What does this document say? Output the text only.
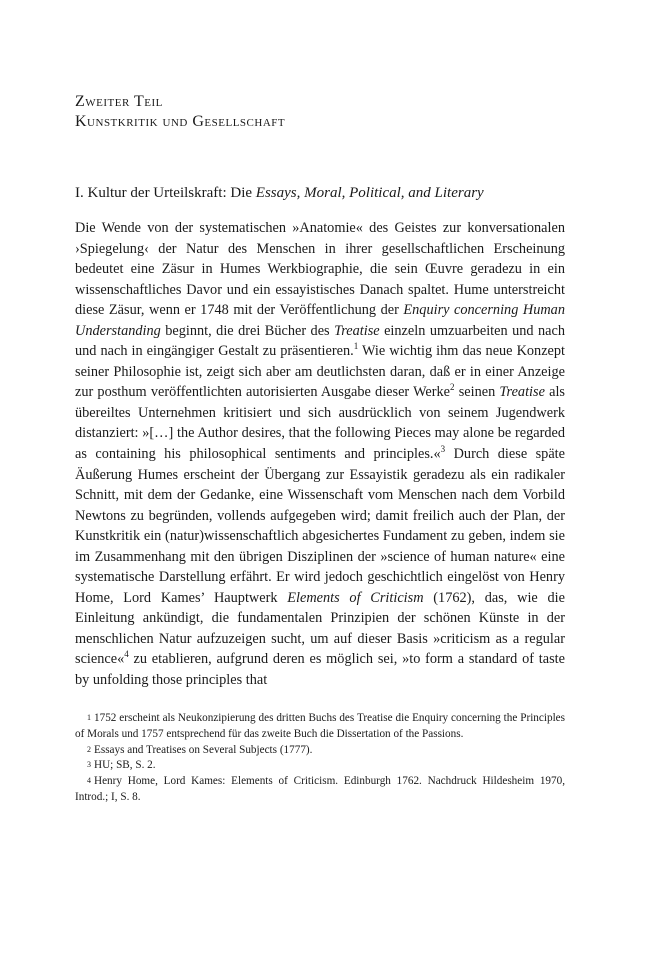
Zweiter Teil
Kunstkritik und Gesellschaft
I. Kultur der Urteilskraft: Die Essays, Moral, Political, and Literary

Die Wende von der systematischen »Anatomie« des Geistes zur konversationalen ›Spiegelung‹ der Natur des Menschen in ihrer gesellschaftlichen Erscheinung bedeutet eine Zäsur in Humes Werkbiographie, die sein Œuvre geradezu in ein wissenschaftliches Davor und ein essayistisches Danach spaltet. Hume unterstreicht diese Zäsur, wenn er 1748 mit der Veröffentlichung der Enquiry concerning Human Understanding beginnt, die drei Bücher des Treatise einzeln umzuarbeiten und nach und nach in eingängiger Gestalt zu präsentieren.$^1$ Wie wichtig ihm das neue Konzept seiner Philosophie ist, zeigt sich aber am deutlichsten daran, daß er in einer Anzeige zur posthum veröffentlichten autorisierten Ausgabe dieser Werke$^2$ seinen Treatise als übereiltes Unternehmen kritisiert und sich ausdrücklich von seinem Jugendwerk distanziert: »[…] the Author desires, that the following Pieces may alone be regarded as containing his philosophical sentiments and principles.«$^3$ Durch diese späte Äußerung Humes erscheint der Übergang zur Essayistik geradezu als ein radikaler Schnitt, mit dem der Gedanke, eine Wissenschaft vom Menschen nach dem Vorbild Newtons zu begründen, vollends aufgegeben wird; damit freilich auch der Plan, der Kunstkritik ein (natur)wissenschaftlich abgesichertes Fundament zu geben, indem sie im Zusammenhang mit den übrigen Disziplinen der »science of human nature« eine systematische Darstellung erfährt. Er wird jedoch geschichtlich eingelöst von Henry Home, Lord Kames’ Hauptwerk Elements of Criticism (1762), das, wie die Einleitung ankündigt, die fundamentalen Prinzipien der schönen Künste in der menschlichen Natur aufzuzeigen sucht, um auf dieser Basis »criticism as a regular science«$^4$ zu etablieren, aufgrund deren es möglich sei, »to form a standard of taste by unfolding those principles that

$^1$ 1752 erscheint als Neukonzipierung des dritten Buchs des Treatise die Enquiry concerning the Principles of Morals und 1757 entsprechend für das zweite Buch die Dissertation of the Passions.

$^2$ Essays and Treatises on Several Subjects (1777).

$^3$ HU; SB, S. 2.

$^4$ Henry Home, Lord Kames: Elements of Criticism. Edinburgh 1762. Nachdruck Hildesheim 1970, Introd.; I, S. 8.
